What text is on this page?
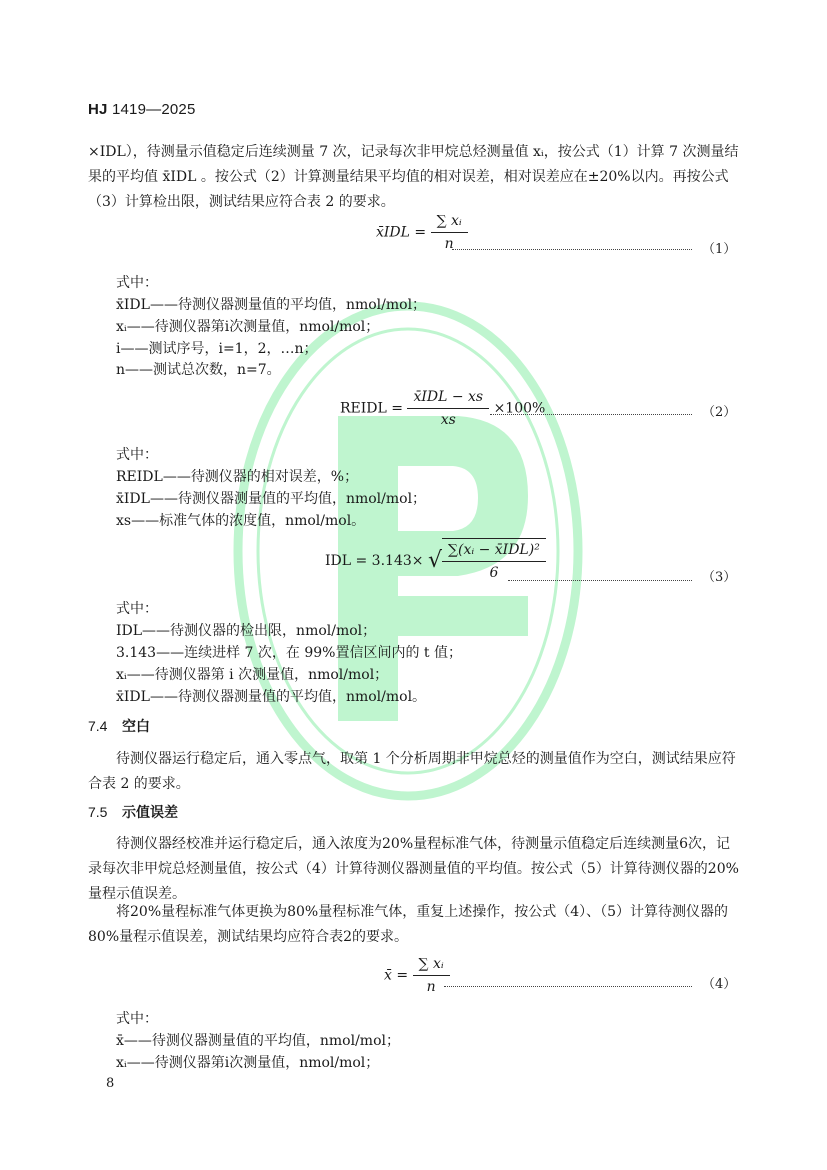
HJ 1419—2025
×IDL），待测量示值稳定后连续测量 7 次，记录每次非甲烷总烃测量值 xᵢ，按公式（1）计算 7 次测量结果的平均值 x̄IDL 。按公式（2）计算测量结果平均值的相对误差，相对误差应在±20%以内。再按公式（3）计算检出限，测试结果应符合表 2 的要求。
x̄IDL = $\frac{\text{∑ xᵢ}}{n}$	（1）
式中：
x̄IDL——待测仪器测量值的平均值，nmol/mol；
xᵢ——待测仪器第i次测量值，nmol/mol；
i——测试序号，i=1，2，…n；
n——测试总次数，n=7。
REIDL = $\frac{\text{x̄IDL − xs}}{xs} \times 100\%$	（2）
式中：
REIDL——待测仪器的相对误差，%；
x̄IDL——待测仪器测量值的平均值，nmol/mol；
xs——标准气体的浓度值，nmol/mol。
IDL = 3.143× √ $\frac{\text{∑(xᵢ − x̄IDL)²}}{6}$	（3）
式中：
IDL——待测仪器的检出限，nmol/mol；
3.143——连续进样 7 次，在 99%置信区间内的 t 值；
xᵢ——待测仪器第 i 次测量值，nmol/mol；
x̄IDL——待测仪器测量值的平均值，nmol/mol。
7.4 空白
待测仪器运行稳定后，通入零点气，取第 1 个分析周期非甲烷总烃的测量值作为空白，测试结果应符合表 2 的要求。
7.5 示值误差
待测仪器经校准并运行稳定后，通入浓度为20%量程标准气体，待测量示值稳定后连续测量6次，记录每次非甲烷总烃测量值，按公式（4）计算待测仪器测量值的平均值。按公式（5）计算待测仪器的20%量程示值误差。
将20%量程标准气体更换为80%量程标准气体，重复上述操作，按公式（4）、（5）计算待测仪器的80%量程示值误差，测试结果均应符合表2的要求。
x̄ = $\frac{\text{∑ xᵢ}}{n}$	（4）
式中：
x̄——待测仪器测量值的平均值，nmol/mol；
xᵢ——待测仪器第i次测量值，nmol/mol；
8
